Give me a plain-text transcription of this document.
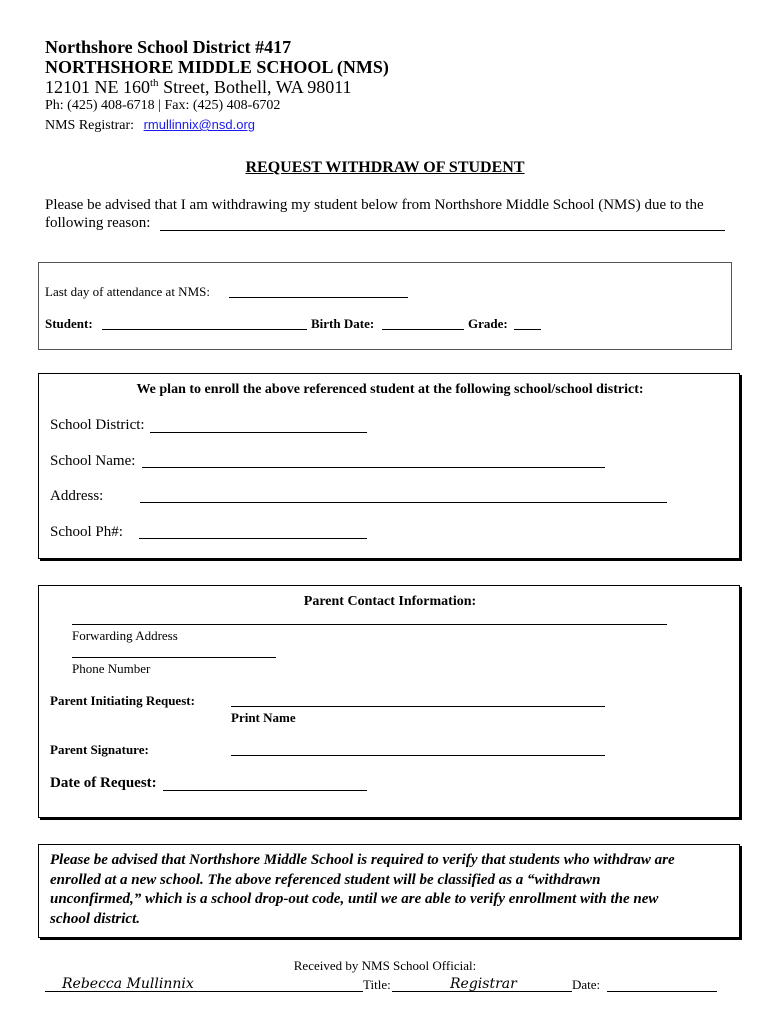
Northshore School District #417
NORTHSHORE MIDDLE SCHOOL (NMS)
12101 NE 160th Street, Bothell, WA 98011
Ph: (425) 408-6718 | Fax: (425) 408-6702
NMS Registrar: rmullinnix@nsd.org
REQUEST WITHDRAW OF STUDENT
Please be advised that I am withdrawing my student below from Northshore Middle School (NMS) due to the
following reason:
Last day of attendance at NMS:
Student:	Birth Date:	Grade:
We plan to enroll the above referenced student at the following school/school district:
School District:
School Name:
Address:
School Ph#:
Parent Contact Information:
Forwarding Address
Phone Number
Parent Initiating Request:
Print Name
Parent Signature:
Date of Request:
Please be advised that Northshore Middle School is required to verify that students who withdraw are
enrolled at a new school. The above referenced student will be classified as a “withdrawn
unconfirmed,” which is a school drop-out code, until we are able to verify enrollment with the new
school district.
Received by NMS School Official:
Rebecca Mullinnix	Title:	Registrar	Date:
